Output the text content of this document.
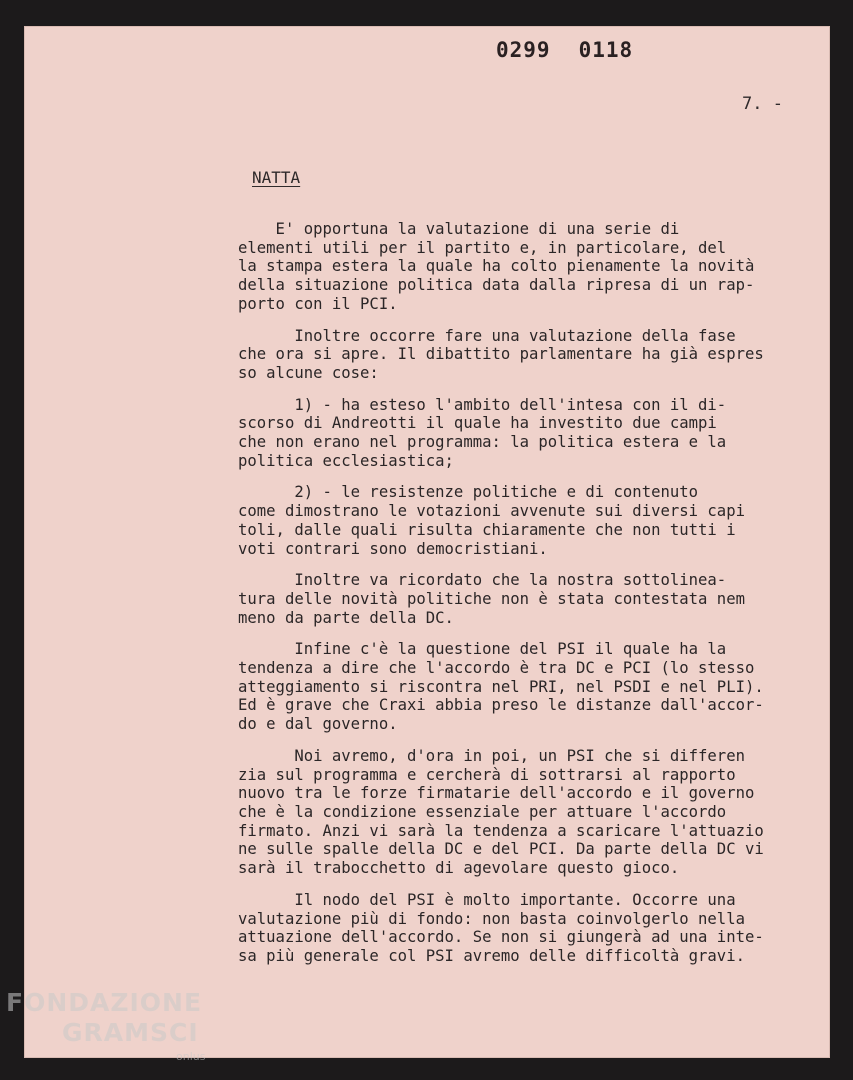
0299 0118
7. -
NATTA

E' opportuna la valutazione di una serie di

elementi utili per il partito e, in particolare, del

la stampa estera la quale ha colto pienamente la novità

della situazione politica data dalla ripresa di un rap-

porto con il PCI.

Inoltre occorre fare una valutazione della fase

che ora si apre. Il dibattito parlamentare ha già espres

so alcune cose:

1) - ha esteso l'ambito dell'intesa con il di-

scorso di Andreotti il quale ha investito due campi

che non erano nel programma: la politica estera e la

politica ecclesiastica;

2) - le resistenze politiche e di contenuto

come dimostrano le votazioni avvenute sui diversi capi

toli, dalle quali risulta chiaramente che non tutti i

voti contrari sono democristiani.

Inoltre va ricordato che la nostra sottolinea-

tura delle novità politiche non è stata contestata nem

meno da parte della DC.

Infine c'è la questione del PSI il quale ha la

tendenza a dire che l'accordo è tra DC e PCI (lo stesso

atteggiamento si riscontra nel PRI, nel PSDI e nel PLI).

Ed è grave che Craxi abbia preso le distanze dall'accor-

do e dal governo.

Noi avremo, d'ora in poi, un PSI che si differen

zia sul programma e cercherà di sottrarsi al rapporto

nuovo tra le forze firmatarie dell'accordo e il governo

che è la condizione essenziale per attuare l'accordo

firmato. Anzi vi sarà la tendenza a scaricare l'attuazio

ne sulle spalle della DC e del PCI. Da parte della DC vi

sarà il trabocchetto di agevolare questo gioco.

Il nodo del PSI è molto importante. Occorre una

valutazione più di fondo: non basta coinvolgerlo nella

attuazione dell'accordo. Se non si giungerà ad una inte-

sa più generale col PSI avremo delle difficoltà gravi.

FONDAZIONE
GRAMSCI
onlus
